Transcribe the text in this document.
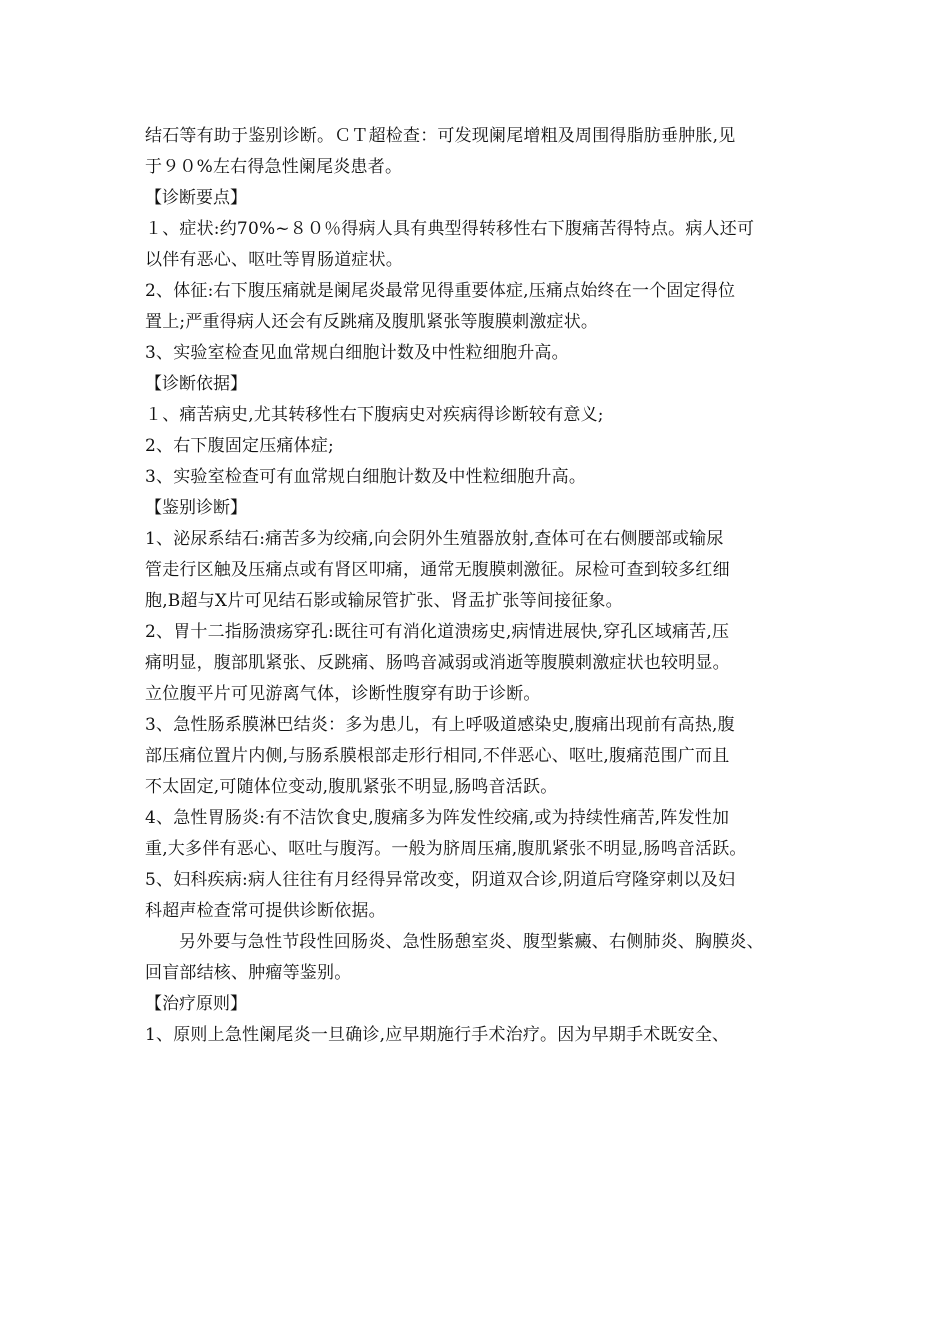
结石等有助于鉴别诊断。ＣＴ超检查：可发现阑尾增粗及周围得脂肪垂肿胀,见
于９０%左右得急性阑尾炎患者。
【诊断要点】
１、症状:约70%~８０％得病人具有典型得转移性右下腹痛苦得特点。病人还可
以伴有恶心、呕吐等胃肠道症状。
2、体征:右下腹压痛就是阑尾炎最常见得重要体症,压痛点始终在一个固定得位
置上;严重得病人还会有反跳痛及腹肌紧张等腹膜刺激症状。
3、实验室检查见血常规白细胞计数及中性粒细胞升高。
【诊断依据】
１、痛苦病史,尤其转移性右下腹病史对疾病得诊断较有意义;
2、右下腹固定压痛体症;
3、实验室检查可有血常规白细胞计数及中性粒细胞升高。
【鉴别诊断】
1、泌尿系结石:痛苦多为绞痛,向会阴外生殖器放射,查体可在右侧腰部或输尿
管走行区触及压痛点或有肾区叩痛，通常无腹膜刺激征。尿检可查到较多红细
胞,B超与X片可见结石影或输尿管扩张、肾盂扩张等间接征象。
2、胃十二指肠溃疡穿孔:既往可有消化道溃疡史,病情进展快,穿孔区域痛苦,压
痛明显，腹部肌紧张、反跳痛、肠鸣音减弱或消逝等腹膜刺激症状也较明显。
立位腹平片可见游离气体，诊断性腹穿有助于诊断。
3、急性肠系膜淋巴结炎：多为患儿，有上呼吸道感染史,腹痛出现前有高热,腹
部压痛位置片内侧,与肠系膜根部走形行相同,不伴恶心、呕吐,腹痛范围广而且
不太固定,可随体位变动,腹肌紧张不明显,肠鸣音活跃。
4、急性胃肠炎:有不洁饮食史,腹痛多为阵发性绞痛,或为持续性痛苦,阵发性加
重,大多伴有恶心、呕吐与腹泻。一般为脐周压痛,腹肌紧张不明显,肠鸣音活跃。
5、妇科疾病:病人往往有月经得异常改变，阴道双合诊,阴道后穹隆穿刺以及妇
科超声检查常可提供诊断依据。
另外要与急性节段性回肠炎、急性肠憩室炎、腹型紫癜、右侧肺炎、胸膜炎、
回盲部结核、肿瘤等鉴别。
【治疗原则】
1、原则上急性阑尾炎一旦确诊,应早期施行手术治疗。因为早期手术既安全、
